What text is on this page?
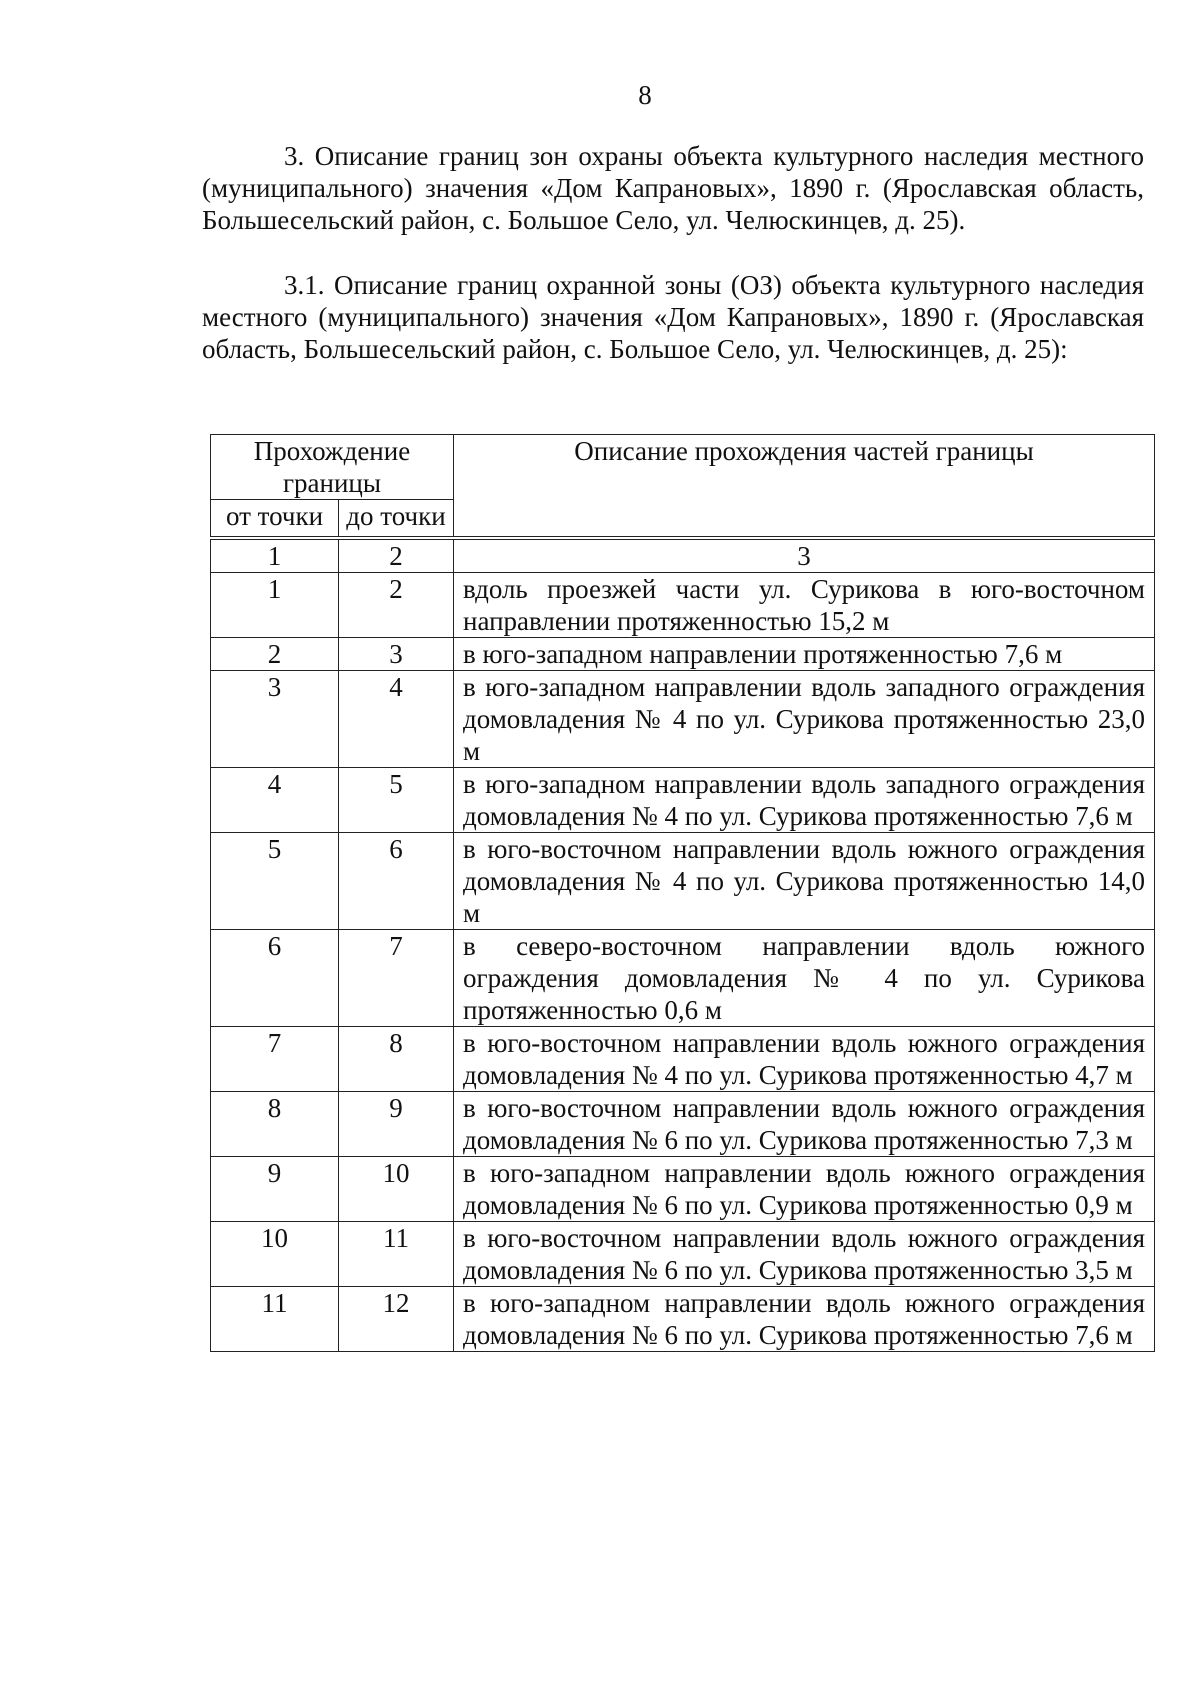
8

3. Описание границ зон охраны объекта культурного наследия местного (муниципального) значения «Дом Капрановых», 1890 г. (Ярославская область, Большесельский район, с. Большое Село, ул. Челюскинцев, д. 25).

3.1. Описание границ охранной зоны (ОЗ) объекта культурного наследия местного (муниципального) значения «Дом Капрановых», 1890 г. (Ярославская область, Большесельский район, с. Большое Село, ул. Челюскинцев, д. 25):

Прохождение границы		Описание прохождения частей границы
от точки	до точки	
1	2	3
1	2	вдоль проезжей части ул. Сурикова в юго-восточном направлении протяженностью 15,2 м
2	3	в юго-западном направлении протяженностью 7,6 м
3	4	в юго-западном направлении вдоль западного ограждения домовладения № 4 по ул. Сурикова протяженностью 23,0 м
4	5	в юго-западном направлении вдоль западного ограждения домовладения № 4 по ул. Сурикова протяженностью 7,6 м
5	6	в юго-восточном направлении вдоль южного ограждения домовладения № 4 по ул. Сурикова протяженностью 14,0 м
6	7	в северо-восточном направлении вдоль южного ограждения домовладения № 4 по ул. Сурикова протяженностью 0,6 м
7	8	в юго-восточном направлении вдоль южного ограждения домовладения № 4 по ул. Сурикова протяженностью 4,7 м
8	9	в юго-восточном направлении вдоль южного ограждения домовладения № 6 по ул. Сурикова протяженностью 7,3 м
9	10	в юго-западном направлении вдоль южного ограждения домовладения № 6 по ул. Сурикова протяженностью 0,9 м
10	11	в юго-восточном направлении вдоль южного ограждения домовладения № 6 по ул. Сурикова протяженностью 3,5 м
11	12	в юго-западном направлении вдоль южного ограждения домовладения № 6 по ул. Сурикова протяженностью 7,6 м
